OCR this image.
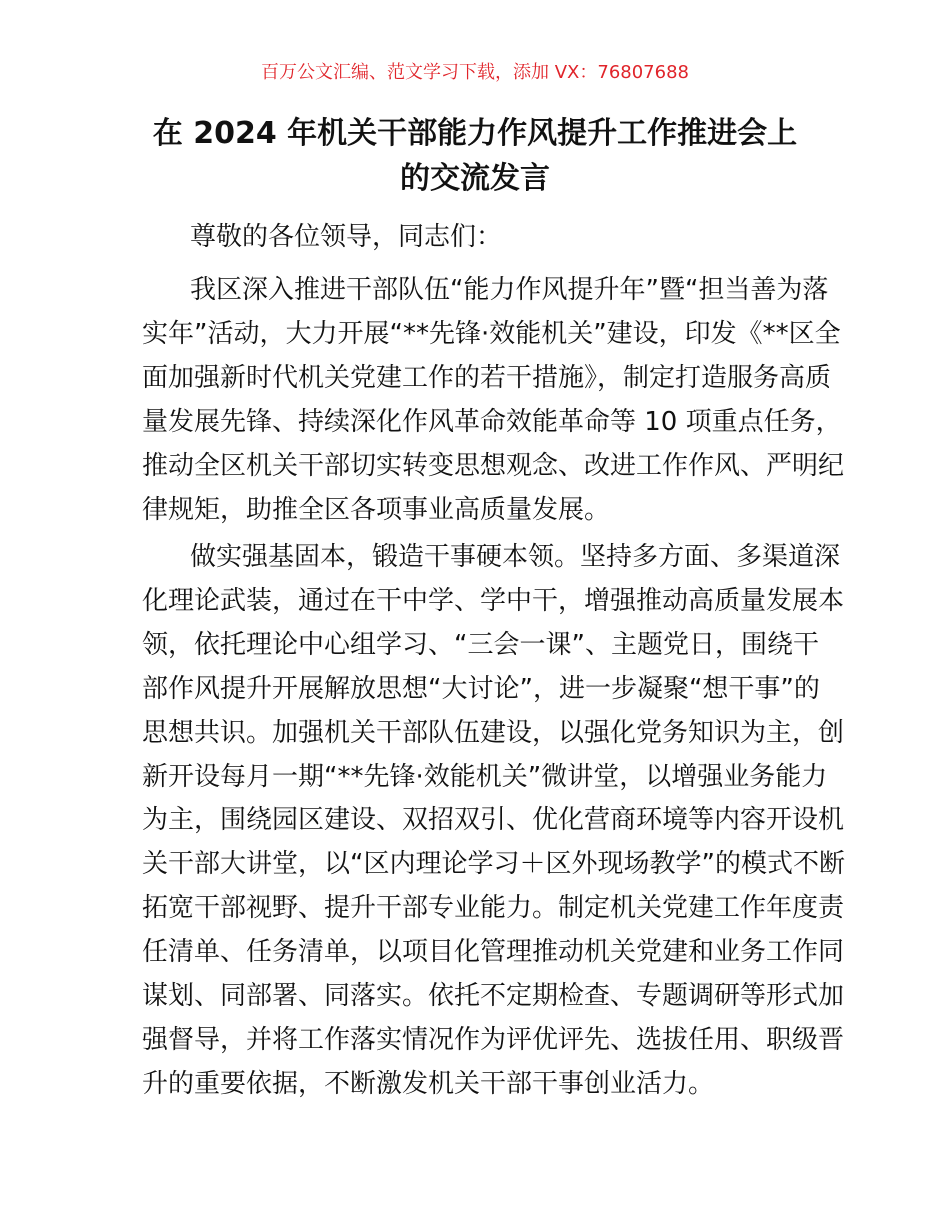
百万公文汇编、范文学习下载，添加 VX：76807688
在 2024 年机关干部能力作风提升工作推进会上
的交流发言
尊敬的各位领导，同志们：
我区深入推进干部队伍“能力作风提升年”暨“担当善为落
实年”活动，大力开展“**先锋·效能机关”建设，印发《**区全
面加强新时代机关党建工作的若干措施》，制定打造服务高质
量发展先锋、持续深化作风革命效能革命等 10 项重点任务，
推动全区机关干部切实转变思想观念、改进工作作风、严明纪
律规矩，助推全区各项事业高质量发展。
做实强基固本，锻造干事硬本领。坚持多方面、多渠道深
化理论武装，通过在干中学、学中干，增强推动高质量发展本
领，依托理论中心组学习、“三会一课”、主题党日，围绕干
部作风提升开展解放思想“大讨论”，进一步凝聚“想干事”的
思想共识。加强机关干部队伍建设，以强化党务知识为主，创
新开设每月一期“**先锋·效能机关”微讲堂，以增强业务能力
为主，围绕园区建设、双招双引、优化营商环境等内容开设机
关干部大讲堂，以“区内理论学习＋区外现场教学”的模式不断
拓宽干部视野、提升干部专业能力。制定机关党建工作年度责
任清单、任务清单，以项目化管理推动机关党建和业务工作同
谋划、同部署、同落实。依托不定期检查、专题调研等形式加
强督导，并将工作落实情况作为评优评先、选拔任用、职级晋
升的重要依据，不断激发机关干部干事创业活力。
